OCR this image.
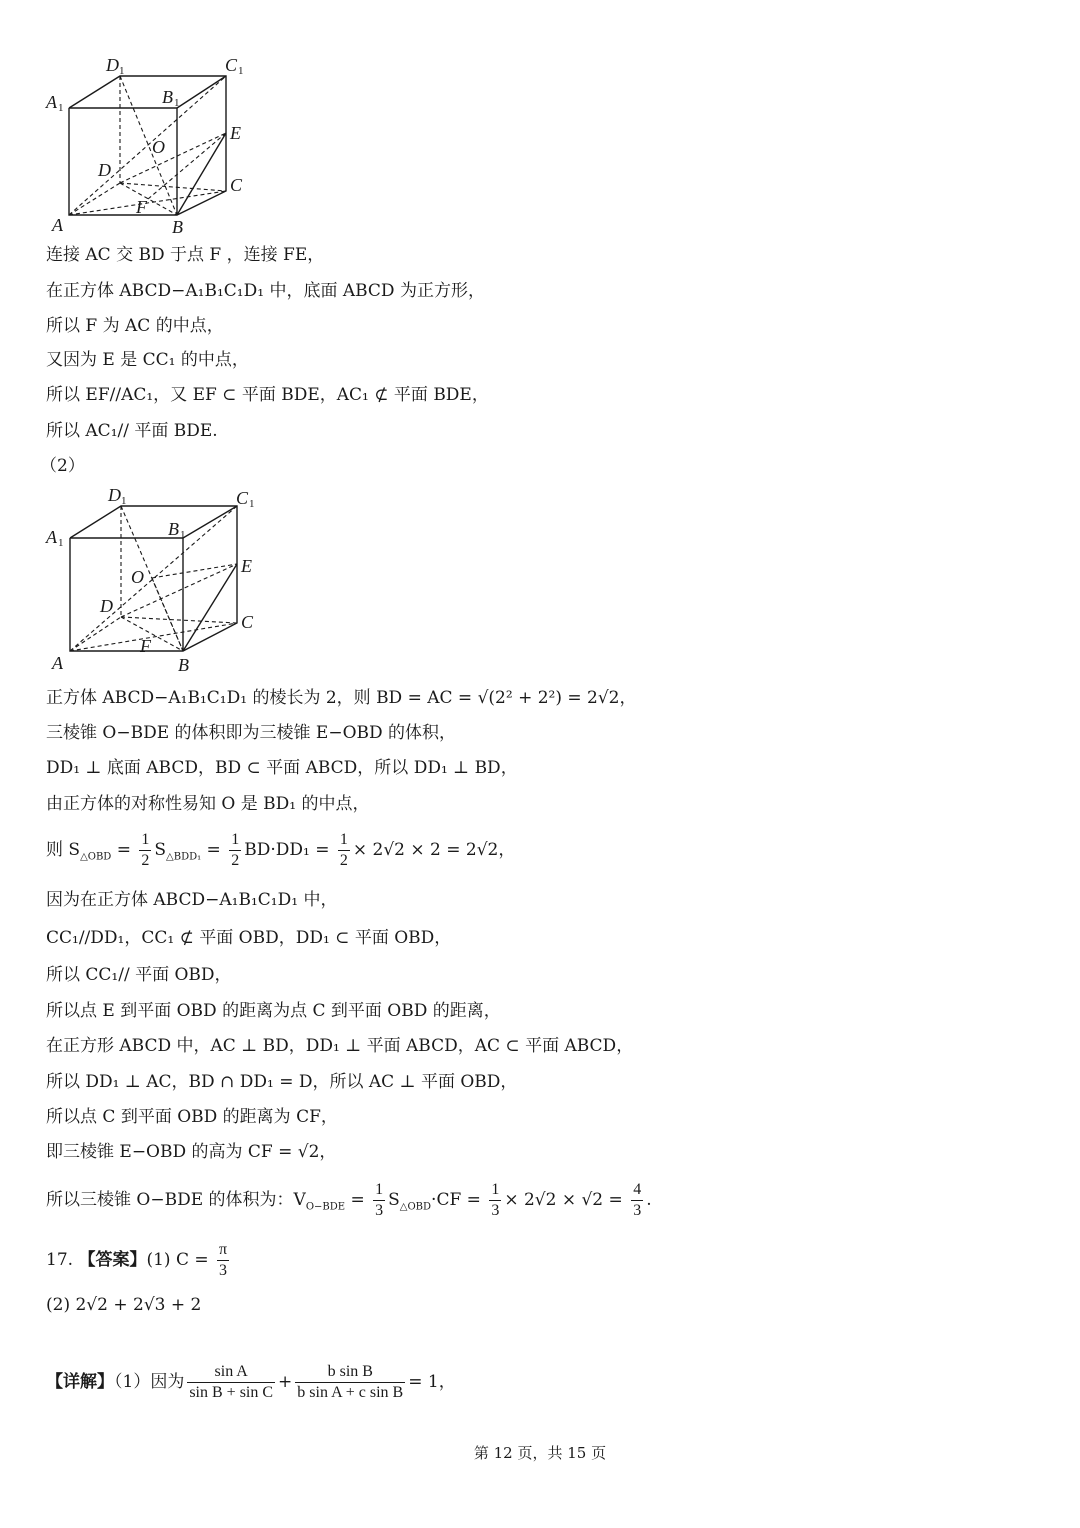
D 1	C 1
A 1
B 1
E
O
D
C
A
F
B
连接 AC 交 BD 于点 F ，连接 FE，
在正方体 ABCD−A₁B₁C₁D₁ 中，底面 ABCD 为正方形，
所以 F 为 AC 的中点，
又因为 E 是 CC₁ 的中点，
所以 EF//AC₁，又 EF ⊂ 平面 BDE，AC₁ ⊄ 平面 BDE，
所以 AC₁// 平面 BDE.
（2）
D 1	C 1
A 1
B 1
E
O
D
C
A
F
B
正方体 ABCD−A₁B₁C₁D₁ 的棱长为 2，则 BD = AC = √(2² + 2²) = 2√2，
三棱锥 O−BDE 的体积即为三棱锥 E−OBD 的体积，
DD₁ ⊥ 底面 ABCD，BD ⊂ 平面 ABCD，所以 DD₁ ⊥ BD，
由正方体的对称性易知 O 是 BD₁ 的中点，
则 $S_{\triangle OBD} = \frac{1}{2} S_{\triangle BDD_1} = \frac{1}{2} BD\cdot DD_1 = \frac{1}{2} \times 2√2 \times 2 = 2√2$，
因为在正方体 ABCD−A₁B₁C₁D₁ 中，
CC₁//DD₁，CC₁ ⊄ 平面 OBD，DD₁ ⊂ 平面 OBD，
所以 CC₁// 平面 OBD，
所以点 E 到平面 OBD 的距离为点 C 到平面 OBD 的距离，
在正方形 ABCD 中，AC ⊥ BD，DD₁ ⊥ 平面 ABCD，AC ⊂ 平面 ABCD，
所以 DD₁ ⊥ AC，BD ∩ DD₁ = D，所以 AC ⊥ 平面 OBD，
所以点 C 到平面 OBD 的距离为 CF，
即三棱锥 E−OBD 的高为 CF = √2，
所以三棱锥 O−BDE 的体积为：$V_{O-BDE} = \frac{1}{3} S_{\triangle OBD}\cdot CF = \frac{1}{3} \times 2√2 \times √2 = \frac{4}{3}$ .
17. 【答案】(1) $C = \frac{\pi}{3}$
(2) 2√2 + 2√3 + 2
【详解】（1）因为 $\frac{\text{sin A}}{\text{sin B + sin C}} + \frac{\text{b sin B}}{\text{b sin A + c sin B}} = 1$，
第 12 页，共 15 页
